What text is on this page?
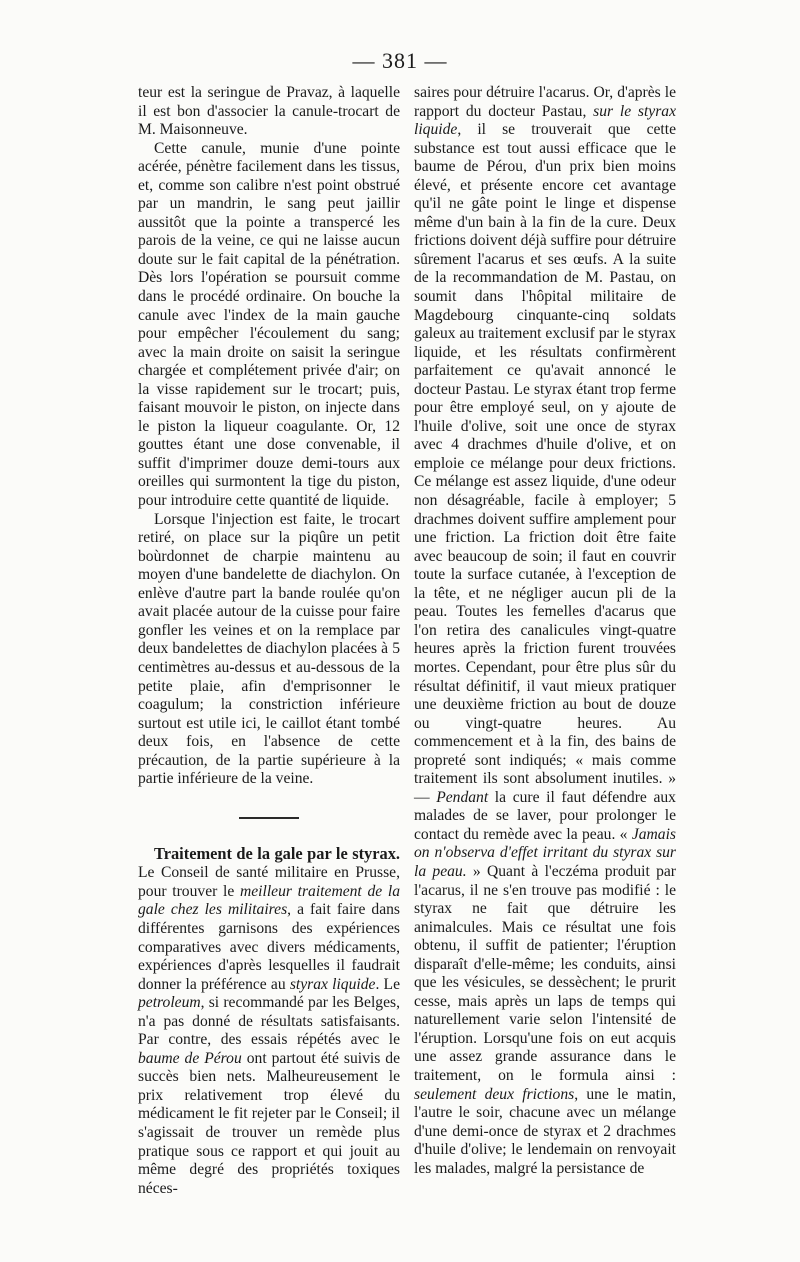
— 381 —

teur est la seringue de Pravaz, à laquelle il est bon d'associer la canule-trocart de M. Maisonneuve.

Cette canule, munie d'une pointe acérée, pénètre facilement dans les tissus, et, comme son calibre n'est point obstrué par un mandrin, le sang peut jaillir aussitôt que la pointe a transpercé les parois de la veine, ce qui ne laisse aucun doute sur le fait capital de la pénétration. Dès lors l'opération se poursuit comme dans le procédé ordinaire. On bouche la canule avec l'index de la main gauche pour empêcher l'écoulement du sang; avec la main droite on saisit la seringue chargée et complétement privée d'air; on la visse rapidement sur le trocart; puis, faisant mouvoir le piston, on injecte dans le piston la liqueur coagulante. Or, 12 gouttes étant une dose convenable, il suffit d'imprimer douze demi-tours aux oreilles qui surmontent la tige du piston, pour introduire cette quantité de liquide.

Lorsque l'injection est faite, le trocart retiré, on place sur la piqûre un petit boùrdonnet de charpie maintenu au moyen d'une bandelette de diachylon. On enlève d'autre part la bande roulée qu'on avait placée autour de la cuisse pour faire gonfler les veines et on la remplace par deux bandelettes de diachylon placées à 5 centimètres au-dessus et au-dessous de la petite plaie, afin d'emprisonner le coagulum; la constriction inférieure surtout est utile ici, le caillot étant tombé deux fois, en l'absence de cette précaution, de la partie supérieure à la partie inférieure de la veine.

Traitement de la gale par le styrax. Le Conseil de santé militaire en Prusse, pour trouver le meilleur traitement de la gale chez les militaires, a fait faire dans différentes garnisons des expériences comparatives avec divers médicaments, expériences d'après lesquelles il faudrait donner la préférence au styrax liquide. Le petroleum, si recommandé par les Belges, n'a pas donné de résultats satisfaisants. Par contre, des essais répétés avec le baume de Pérou ont partout été suivis de succès bien nets. Malheureusement le prix relativement trop élevé du médicament le fit rejeter par le Conseil; il s'agissait de trouver un remède plus pratique sous ce rapport et qui jouit au même degré des propriétés toxiques néces-

saires pour détruire l'acarus. Or, d'après le rapport du docteur Pastau, sur le styrax liquide, il se trouverait que cette substance est tout aussi efficace que le baume de Pérou, d'un prix bien moins élevé, et présente encore cet avantage qu'il ne gâte point le linge et dispense même d'un bain à la fin de la cure. Deux frictions doivent déjà suffire pour détruire sûrement l'acarus et ses œufs. A la suite de la recommandation de M. Pastau, on soumit dans l'hôpital militaire de Magdebourg cinquante-cinq soldats galeux au traitement exclusif par le styrax liquide, et les résultats confirmèrent parfaitement ce qu'avait annoncé le docteur Pastau. Le styrax étant trop ferme pour être employé seul, on y ajoute de l'huile d'olive, soit une once de styrax avec 4 drachmes d'huile d'olive, et on emploie ce mélange pour deux frictions. Ce mélange est assez liquide, d'une odeur non désagréable, facile à employer; 5 drachmes doivent suffire amplement pour une friction. La friction doit être faite avec beaucoup de soin; il faut en couvrir toute la surface cutanée, à l'exception de la tête, et ne négliger aucun pli de la peau. Toutes les femelles d'acarus que l'on retira des canalicules vingt-quatre heures après la friction furent trouvées mortes. Cependant, pour être plus sûr du résultat définitif, il vaut mieux pratiquer une deuxième friction au bout de douze ou vingt-quatre heures. Au commencement et à la fin, des bains de propreté sont indiqués; « mais comme traitement ils sont absolument inutiles. » — Pendant la cure il faut défendre aux malades de se laver, pour prolonger le contact du remède avec la peau. « Jamais on n'observa d'effet irritant du styrax sur la peau. » Quant à l'eczéma produit par l'acarus, il ne s'en trouve pas modifié : le styrax ne fait que détruire les animalcules. Mais ce résultat une fois obtenu, il suffit de patienter; l'éruption disparaît d'elle-même; les conduits, ainsi que les vésicules, se dessèchent; le prurit cesse, mais après un laps de temps qui naturellement varie selon l'intensité de l'éruption. Lorsqu'une fois on eut acquis une assez grande assurance dans le traitement, on le formula ainsi : seulement deux frictions, une le matin, l'autre le soir, chacune avec un mélange d'une demi-once de styrax et 2 drachmes d'huile d'olive; le lendemain on renvoyait les malades, malgré la persistance de
